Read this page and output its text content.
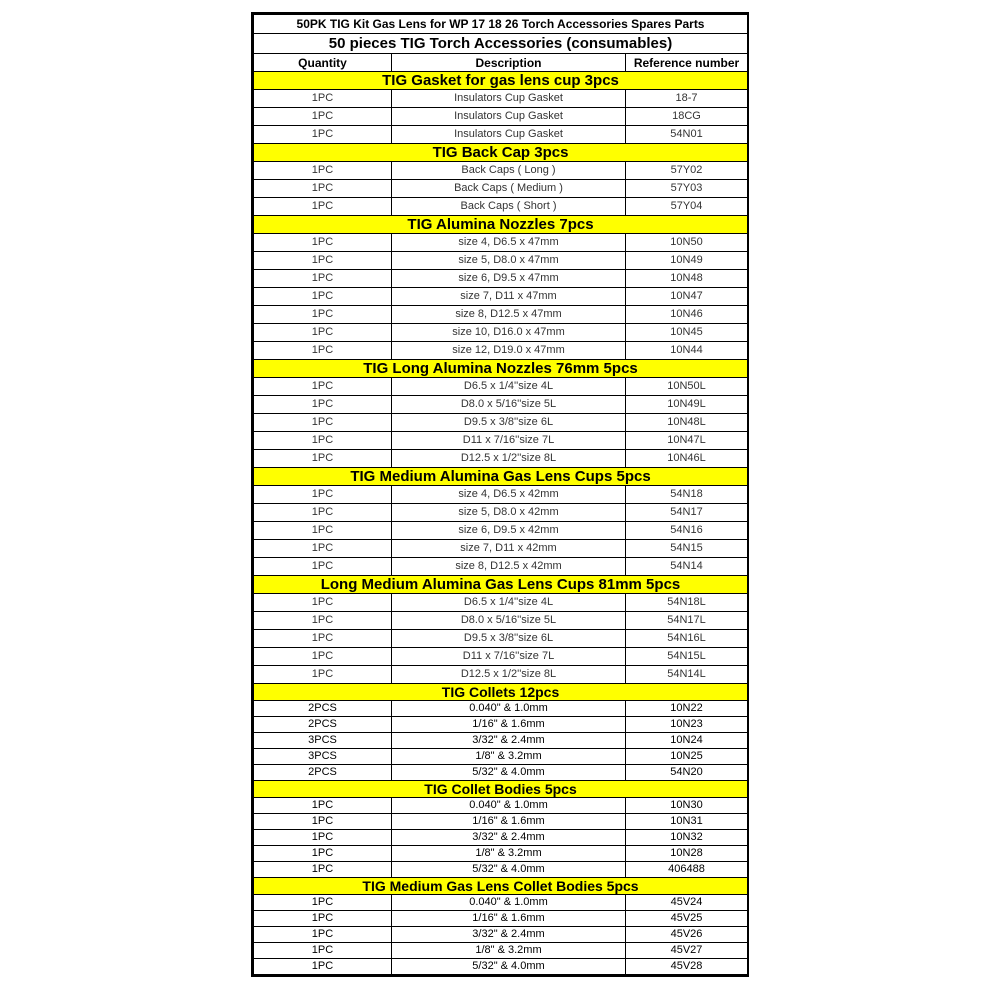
50PK TIG Kit Gas Lens for WP 17 18 26 Torch Accessories Spares Parts		
50 pieces TIG Torch Accessories (consumables)		
Quantity	Description	Reference number
TIG Gasket for gas lens cup 3pcs		
1PC	Insulators Cup Gasket	18-7
1PC	Insulators Cup Gasket	18CG
1PC	Insulators Cup Gasket	54N01
TIG Back Cap 3pcs		
1PC	Back Caps ( Long )	57Y02
1PC	Back Caps ( Medium )	57Y03
1PC	Back Caps ( Short )	57Y04
TIG Alumina Nozzles 7pcs		
1PC	size 4, D6.5 x 47mm	10N50
1PC	size 5, D8.0 x 47mm	10N49
1PC	size 6, D9.5 x 47mm	10N48
1PC	size 7, D11 x 47mm	10N47
1PC	size 8, D12.5 x 47mm	10N46
1PC	size 10, D16.0 x 47mm	10N45
1PC	size 12, D19.0 x 47mm	10N44
TIG Long Alumina Nozzles 76mm 5pcs		
1PC	D6.5 x 1/4''size 4L	10N50L
1PC	D8.0 x 5/16''size 5L	10N49L
1PC	D9.5 x 3/8''size 6L	10N48L
1PC	D11 x 7/16''size 7L	10N47L
1PC	D12.5 x 1/2''size 8L	10N46L
TIG Medium Alumina Gas Lens Cups 5pcs		
1PC	size 4, D6.5 x 42mm	54N18
1PC	size 5, D8.0 x 42mm	54N17
1PC	size 6, D9.5 x 42mm	54N16
1PC	size 7, D11 x 42mm	54N15
1PC	size 8, D12.5 x 42mm	54N14
Long Medium Alumina Gas Lens Cups 81mm 5pcs		
1PC	D6.5 x 1/4''size 4L	54N18L
1PC	D8.0 x 5/16''size 5L	54N17L
1PC	D9.5 x 3/8''size 6L	54N16L
1PC	D11 x 7/16''size 7L	54N15L
1PC	D12.5 x 1/2''size 8L	54N14L
TIG Collets 12pcs		
2PCS	0.040" & 1.0mm	10N22
2PCS	1/16" & 1.6mm	10N23
3PCS	3/32" & 2.4mm	10N24
3PCS	1/8" & 3.2mm	10N25
2PCS	5/32" & 4.0mm	54N20
TIG Collet Bodies 5pcs		
1PC	0.040" & 1.0mm	10N30
1PC	1/16" & 1.6mm	10N31
1PC	3/32" & 2.4mm	10N32
1PC	1/8" & 3.2mm	10N28
1PC	5/32" & 4.0mm	406488
TIG Medium Gas Lens Collet Bodies 5pcs		
1PC	0.040" & 1.0mm	45V24
1PC	1/16" & 1.6mm	45V25
1PC	3/32" & 2.4mm	45V26
1PC	1/8" & 3.2mm	45V27
1PC	5/32" & 4.0mm	45V28
